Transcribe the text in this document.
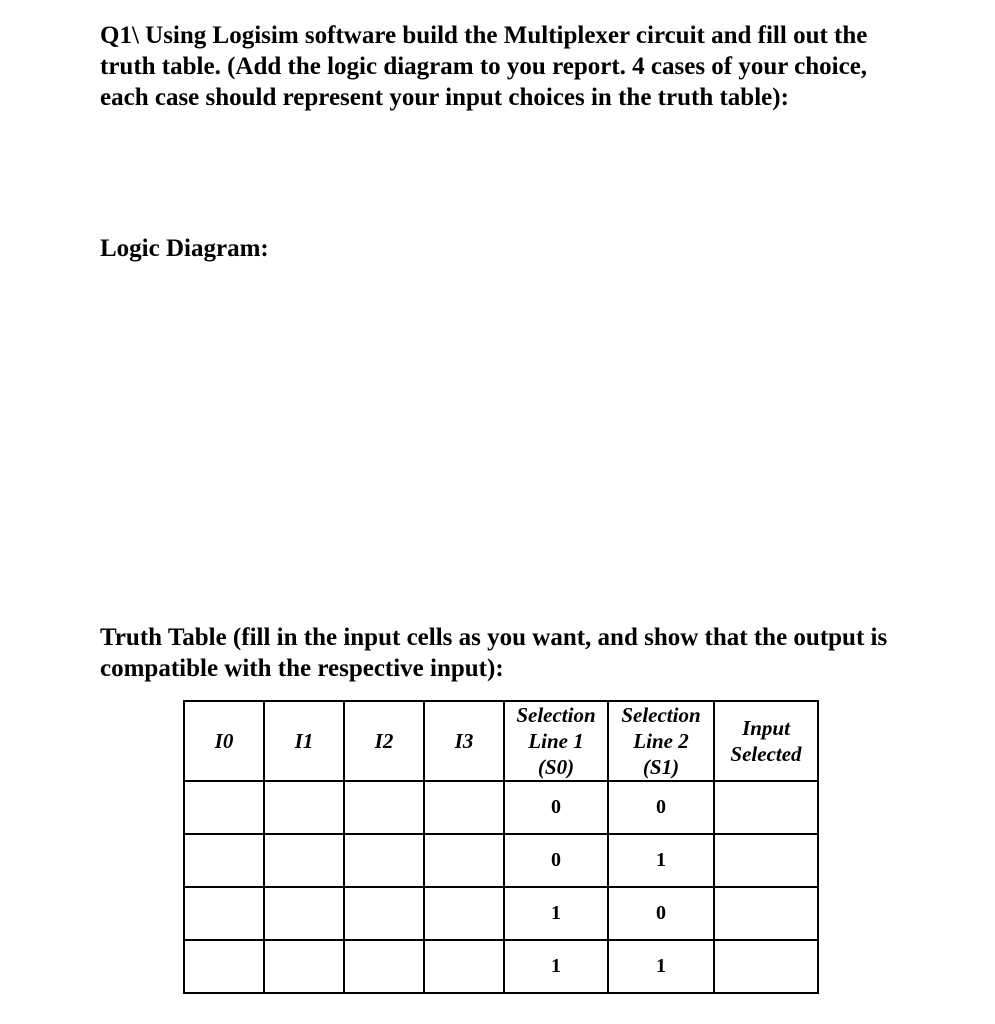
Q1\ Using Logisim software build the Multiplexer circuit and fill out the truth table. (Add the logic diagram to you report. 4 cases of your choice, each case should represent your input choices in the truth table):

Logic Diagram:

Truth Table (fill in the input cells as you want, and show that the output is compatible with the respective input):

I0	I1	I2	I3	Selection
Line 1
(S0)	Selection
Line 2
(S1)	Input
Selected

				0	0	
				0	1	
				1	0	
				1	1	
